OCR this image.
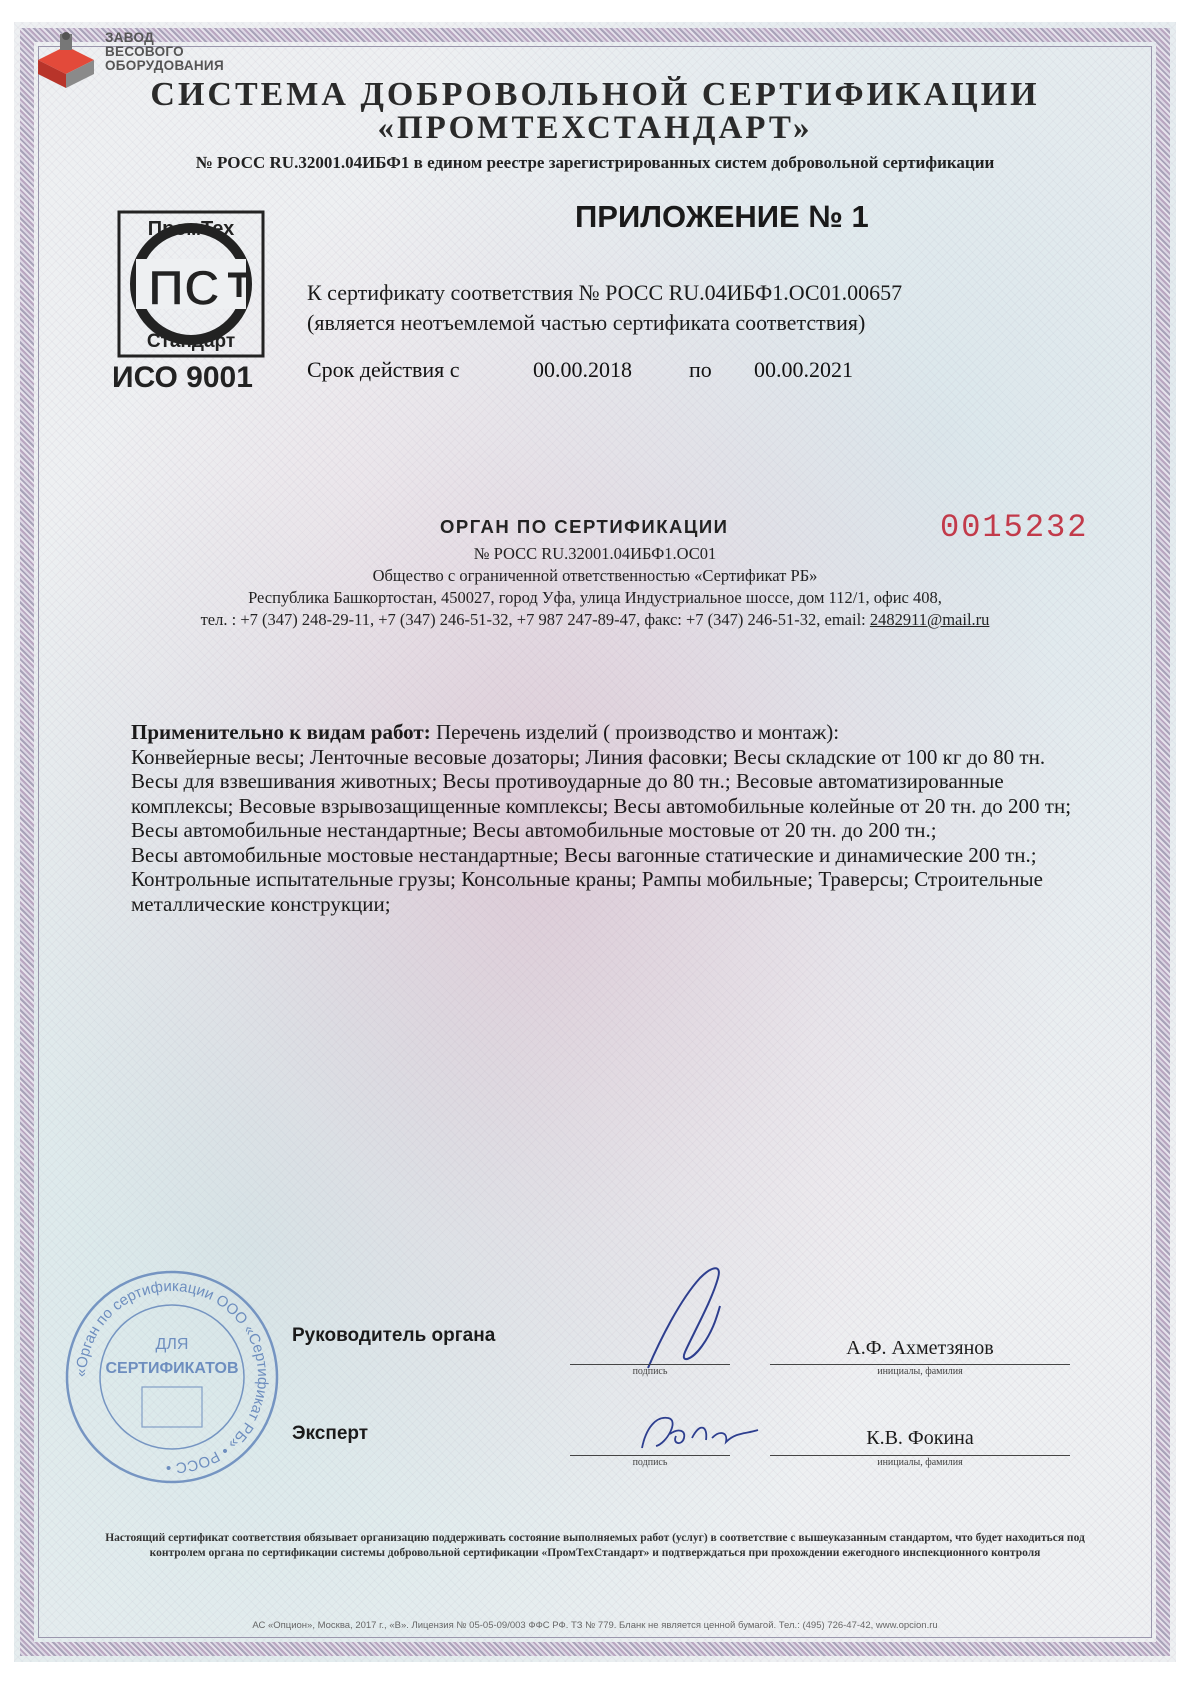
ЗАВОД
ВЕСОВОГО
ОБОРУДОВАНИЯ
СИСТЕМА ДОБРОВОЛЬНОЙ СЕРТИФИКАЦИИ
«ПРОМТЕХСТАНДАРТ»
№ РОСС RU.32001.04ИБФ1 в едином реестре зарегистрированных систем добровольной сертификации
ПромТех
Стандарт
ПС
ИСО 9001
ПРИЛОЖЕНИЕ № 1
К сертификату соответствия № РОСС RU.04ИБФ1.ОС01.00657
(является неотъемлемой частью сертификата соответствия)
Срок действия с	00.00.2018	по 00.00.2021
ОРГАН ПО СЕРТИФИКАЦИИ	0015232
№ РОСС RU.32001.04ИБФ1.ОС01
Общество с ограниченной ответственностью «Сертификат РБ»
Республика Башкортостан, 450027, город Уфа, улица Индустриальное шоссе, дом 112/1, офис 408,
тел. : +7 (347) 248-29-11, +7 (347) 246-51-32, +7 987 247-89-47, факс: +7 (347) 246-51-32, email: 2482911@mail.ru

Применительно к видам работ: Перечень изделий ( производство и монтаж):

Конвейерные весы; Ленточные весовые дозаторы; Линия фасовки; Весы складские от 100 кг до 80 тн.

Весы для взвешивания животных; Весы противоударные до 80 тн.; Весовые автоматизированные комплексы; Весовые взрывозащищенные комплексы; Весы автомобильные колейные от 20 тн. до 200 тн; Весы автомобильные нестандартные; Весы автомобильные мостовые от 20 тн. до 200 тн.;

Весы автомобильные мостовые нестандартные; Весы вагонные статические и динамические 200 тн.; Контрольные испытательные грузы; Консольные краны; Рампы мобильные; Траверсы; Строительные металлические конструкции;

«Орган по сертификации ООО «Сертификат РБ» • РОСС •
ДЛЯ
СЕРТИФИКАТОВ
Руководитель органа
Эксперт
А.Ф. Ахметзянов
К.В. Фокина
подпись	инициалы, фамилия
подпись	инициалы, фамилия
Настоящий сертификат соответствия обязывает организацию поддерживать состояние выполняемых работ (услуг) в соответствие с вышеуказанным стандартом, что будет находиться под контролем органа по сертификации системы добровольной сертификации «ПромТехСтандарт» и подтверждаться при прохождении ежегодного инспекционного контроля
АС «Опцион», Москва, 2017 г., «В». Лицензия № 05-05-09/003 ФФС РФ. ТЗ № 779. Бланк не является ценной бумагой. Тел.: (495) 726-47-42, www.opcion.ru
